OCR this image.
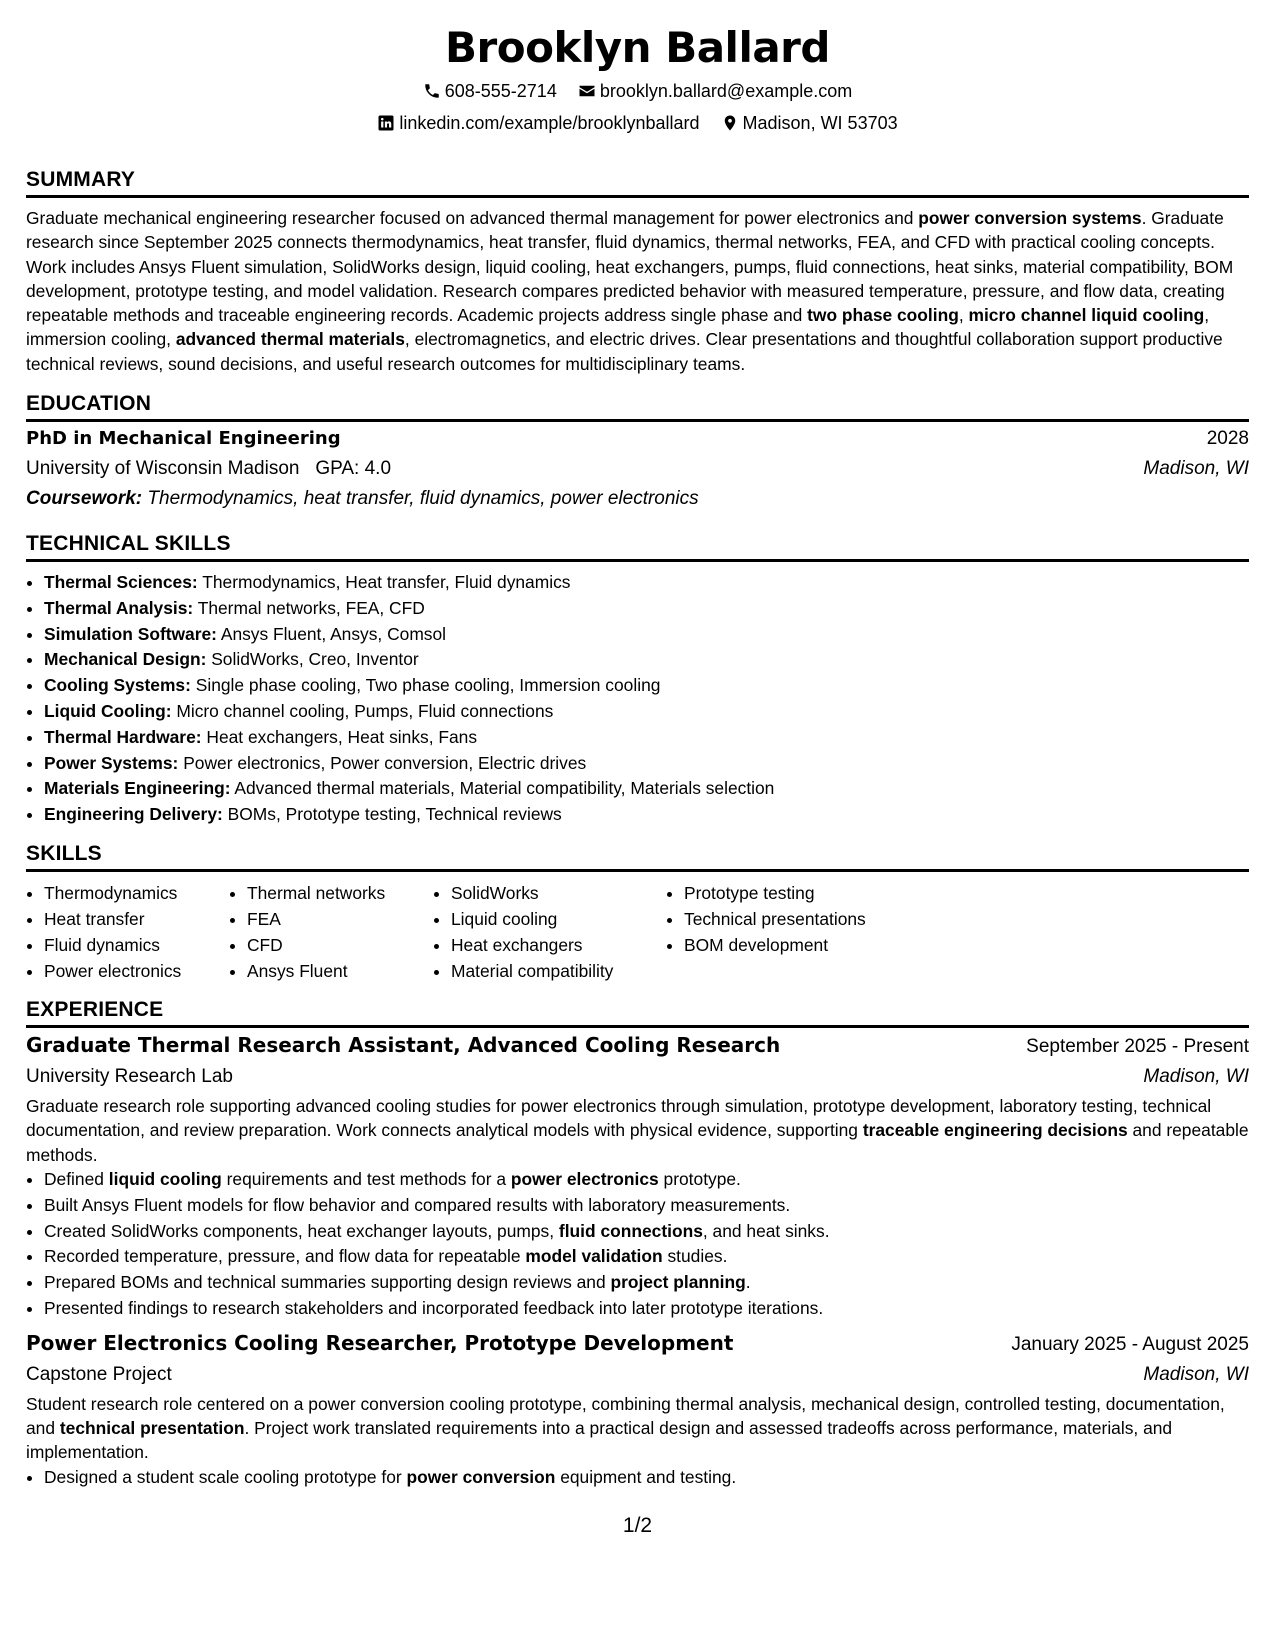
Brooklyn Ballard
608-555-2714 brooklyn.ballard@example.com
linkedin.com/example/brooklynballard Madison, WI 53703
SUMMARY

Graduate mechanical engineering researcher focused on advanced thermal management for power electronics and power conversion systems. Graduate research since September 2025 connects thermodynamics, heat transfer, fluid dynamics, thermal networks, FEA, and CFD with practical cooling concepts. Work includes Ansys Fluent simulation, SolidWorks design, liquid cooling, heat exchangers, pumps, fluid connections, heat sinks, material compatibility, BOM development, prototype testing, and model validation. Research compares predicted behavior with measured temperature, pressure, and flow data, creating repeatable methods and traceable engineering records. Academic projects address single phase and two phase cooling, micro channel liquid cooling, immersion cooling, advanced thermal materials, electromagnetics, and electric drives. Clear presentations and thoughtful collaboration support productive technical reviews, sound decisions, and useful research outcomes for multidisciplinary teams.

EDUCATION
PhD in Mechanical Engineering	2028
University of Wisconsin Madison GPA: 4.0	Madison, WI
Coursework: Thermodynamics, heat transfer, fluid dynamics, power electronics
TECHNICAL SKILLS
• Thermal Sciences: Thermodynamics, Heat transfer, Fluid dynamics
• Thermal Analysis: Thermal networks, FEA, CFD
• Simulation Software: Ansys Fluent, Ansys, Comsol
• Mechanical Design: SolidWorks, Creo, Inventor
• Cooling Systems: Single phase cooling, Two phase cooling, Immersion cooling
• Liquid Cooling: Micro channel cooling, Pumps, Fluid connections
• Thermal Hardware: Heat exchangers, Heat sinks, Fans
• Power Systems: Power electronics, Power conversion, Electric drives
• Materials Engineering: Advanced thermal materials, Material compatibility, Materials selection
• Engineering Delivery: BOMs, Prototype testing, Technical reviews
SKILLS
• Thermodynamics
• Heat transfer
• Fluid dynamics
• Power electronics
• Thermal networks
• FEA
• CFD
• Ansys Fluent
• SolidWorks
• Liquid cooling
• Heat exchangers
• Material compatibility
• Prototype testing
• Technical presentations
• BOM development
EXPERIENCE
Graduate Thermal Research Assistant, Advanced Cooling Research	September 2025 - Present
University Research Lab	Madison, WI

Graduate research role supporting advanced cooling studies for power electronics through simulation, prototype development, laboratory testing, technical documentation, and review preparation. Work connects analytical models with physical evidence, supporting traceable engineering decisions and repeatable methods.

• Defined liquid cooling requirements and test methods for a power electronics prototype.
• Built Ansys Fluent models for flow behavior and compared results with laboratory measurements.
• Created SolidWorks components, heat exchanger layouts, pumps, fluid connections, and heat sinks.
• Recorded temperature, pressure, and flow data for repeatable model validation studies.
• Prepared BOMs and technical summaries supporting design reviews and project planning.
• Presented findings to research stakeholders and incorporated feedback into later prototype iterations.
Power Electronics Cooling Researcher, Prototype Development	January 2025 - August 2025
Capstone Project	Madison, WI

Student research role centered on a power conversion cooling prototype, combining thermal analysis, mechanical design, controlled testing, documentation, and technical presentation. Project work translated requirements into a practical design and assessed tradeoffs across performance, materials, and implementation.

• Designed a student scale cooling prototype for power conversion equipment and testing.
1/2
